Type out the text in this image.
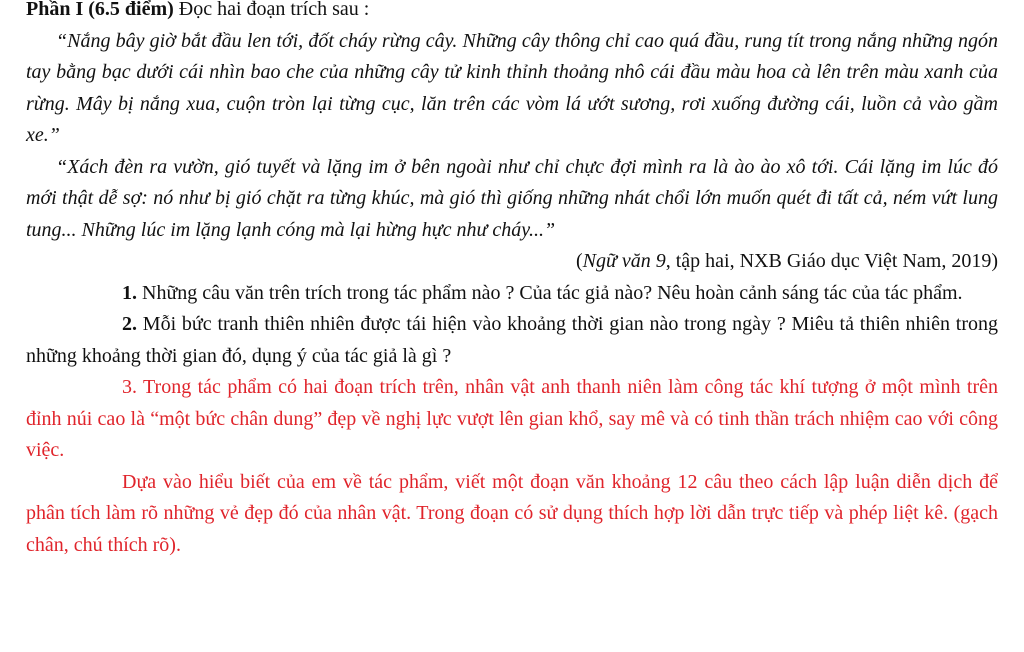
Phần I (6.5 điểm) Đọc hai đoạn trích sau :
“Nắng bây giờ bắt đầu len tới, đốt cháy rừng cây. Những cây thông chỉ cao quá đầu, rung tít trong nắng những ngón tay bằng bạc dưới cái nhìn bao che của những cây tử kinh thỉnh thoảng nhô cái đầu màu hoa cà lên trên màu xanh của rừng. Mây bị nắng xua, cuộn tròn lại từng cục, lăn trên các vòm lá ướt sương, rơi xuống đường cái, luồn cả vào gầm xe.”
“Xách đèn ra vườn, gió tuyết và lặng im ở bên ngoài như chỉ chực đợi mình ra là ào ào xô tới. Cái lặng im lúc đó mới thật dễ sợ: nó như bị gió chặt ra từng khúc, mà gió thì giống những nhát chổi lớn muốn quét đi tất cả, ném vứt lung tung... Những lúc im lặng lạnh cóng mà lại hừng hực như cháy...”
(Ngữ văn 9, tập hai, NXB Giáo dục Việt Nam, 2019)
1. Những câu văn trên trích trong tác phẩm nào ? Của tác giả nào? Nêu hoàn cảnh sáng tác của tác phẩm.
2. Mỗi bức tranh thiên nhiên được tái hiện vào khoảng thời gian nào trong ngày ? Miêu tả thiên nhiên trong những khoảng thời gian đó, dụng ý của tác giả là gì ?
3. Trong tác phẩm có hai đoạn trích trên, nhân vật anh thanh niên làm công tác khí tượng ở một mình trên đỉnh núi cao là “một bức chân dung” đẹp về nghị lực vượt lên gian khổ, say mê và có tinh thần trách nhiệm cao với công việc.
Dựa vào hiểu biết của em về tác phẩm, viết một đoạn văn khoảng 12 câu theo cách lập luận diễn dịch để phân tích làm rõ những vẻ đẹp đó của nhân vật. Trong đoạn có sử dụng thích hợp lời dẫn trực tiếp và phép liệt kê. (gạch chân, chú thích rõ).
